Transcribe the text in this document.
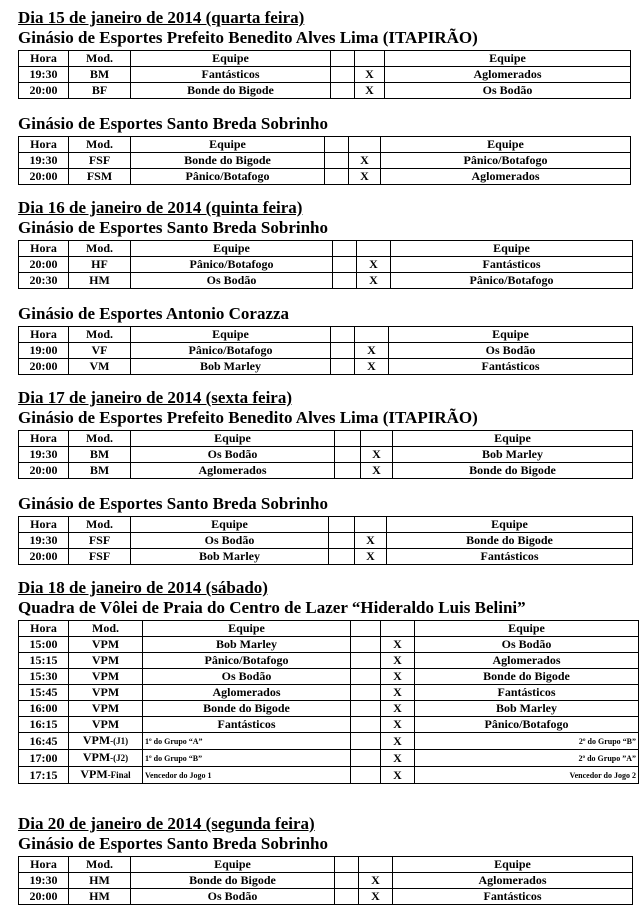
Dia 15 de janeiro de 2014 (quarta feira)
Ginásio de Esportes Prefeito Benedito Alves Lima (ITAPIRÃO)
Hora	Mod.	Equipe			Equipe
19:30	BM	Fantásticos		X	Aglomerados
20:00	BF	Bonde do Bigode		X	Os Bodão
Ginásio de Esportes Santo Breda Sobrinho
Hora	Mod.	Equipe			Equipe
19:30	FSF	Bonde do Bigode		X	Pânico/Botafogo
20:00	FSM	Pânico/Botafogo		X	Aglomerados
Dia 16 de janeiro de 2014 (quinta feira)
Ginásio de Esportes Santo Breda Sobrinho
Hora	Mod.	Equipe			Equipe
20:00	HF	Pânico/Botafogo		X	Fantásticos
20:30	HM	Os Bodão		X	Pânico/Botafogo
Ginásio de Esportes Antonio Corazza
Hora	Mod.	Equipe			Equipe
19:00	VF	Pânico/Botafogo		X	Os Bodão
20:00	VM	Bob Marley		X	Fantásticos
Dia 17 de janeiro de 2014 (sexta feira)
Ginásio de Esportes Prefeito Benedito Alves Lima (ITAPIRÃO)
Hora	Mod.	Equipe			Equipe
19:30	BM	Os Bodão		X	Bob Marley
20:00	BM	Aglomerados		X	Bonde do Bigode
Ginásio de Esportes Santo Breda Sobrinho
Hora	Mod.	Equipe			Equipe
19:30	FSF	Os Bodão		X	Bonde do Bigode
20:00	FSF	Bob Marley		X	Fantásticos
Dia 18 de janeiro de 2014 (sábado)
Quadra de Vôlei de Praia do Centro de Lazer “Hideraldo Luis Belini”
Hora	Mod.	Equipe			Equipe
15:00	VPM	Bob Marley		X	Os Bodão
15:15	VPM	Pânico/Botafogo		X	Aglomerados
15:30	VPM	Os Bodão		X	Bonde do Bigode
15:45	VPM	Aglomerados		X	Fantásticos
16:00	VPM	Bonde do Bigode		X	Bob Marley
16:15	VPM	Fantásticos		X	Pânico/Botafogo
16:45	VPM-(J1)	1º do Grupo “A”		X	2º do Grupo “B”
17:00	VPM-(J2)	1º do Grupo “B”		X	2º do Grupo ”A”
17:15	VPM-Final	Vencedor do Jogo 1		X	Vencedor do Jogo 2
Dia 20 de janeiro de 2014 (segunda feira)
Ginásio de Esportes Santo Breda Sobrinho
Hora	Mod.	Equipe			Equipe
19:30	HM	Bonde do Bigode		X	Aglomerados
20:00	HM	Os Bodão		X	Fantásticos
